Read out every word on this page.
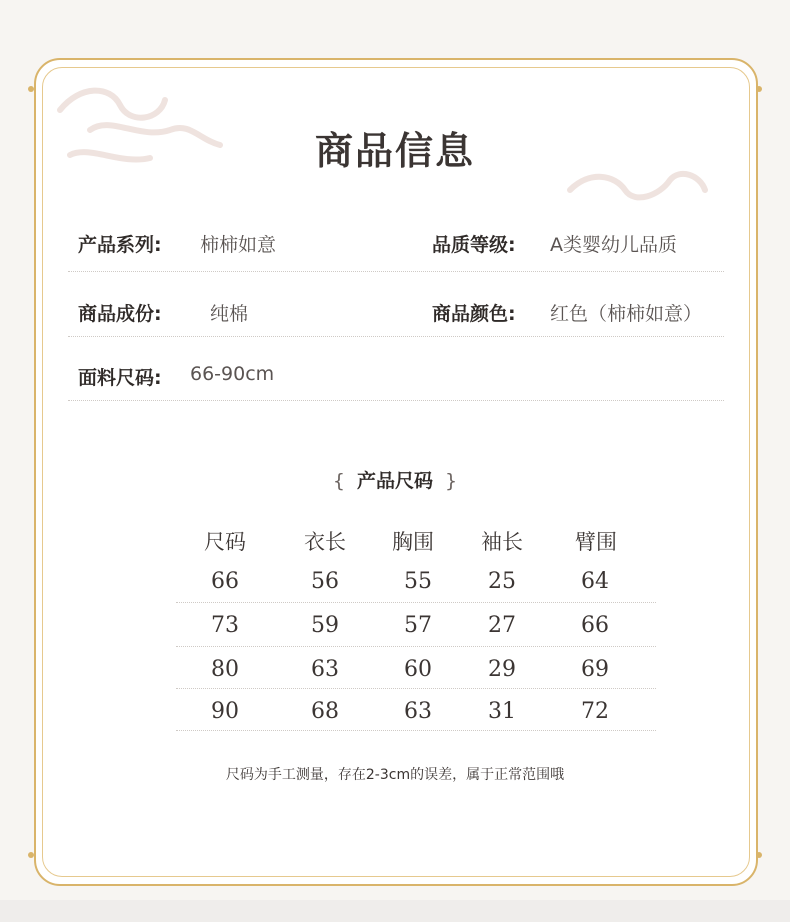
商品信息
产品系列: 柿柿如意	品质等级: A类婴幼儿品质
商品成份:	纯棉	商品颜色: 红色（柿柿如意）
面料尺码: 66-90cm
{ 产品尺码 }
尺码	衣长	胸围	袖长	臂围
66	56	55	25	64
73	59	57	27	66
80	63	60	29	69
90	68	63	31	72
尺码为手工测量，存在2-3cm的误差，属于正常范围哦
